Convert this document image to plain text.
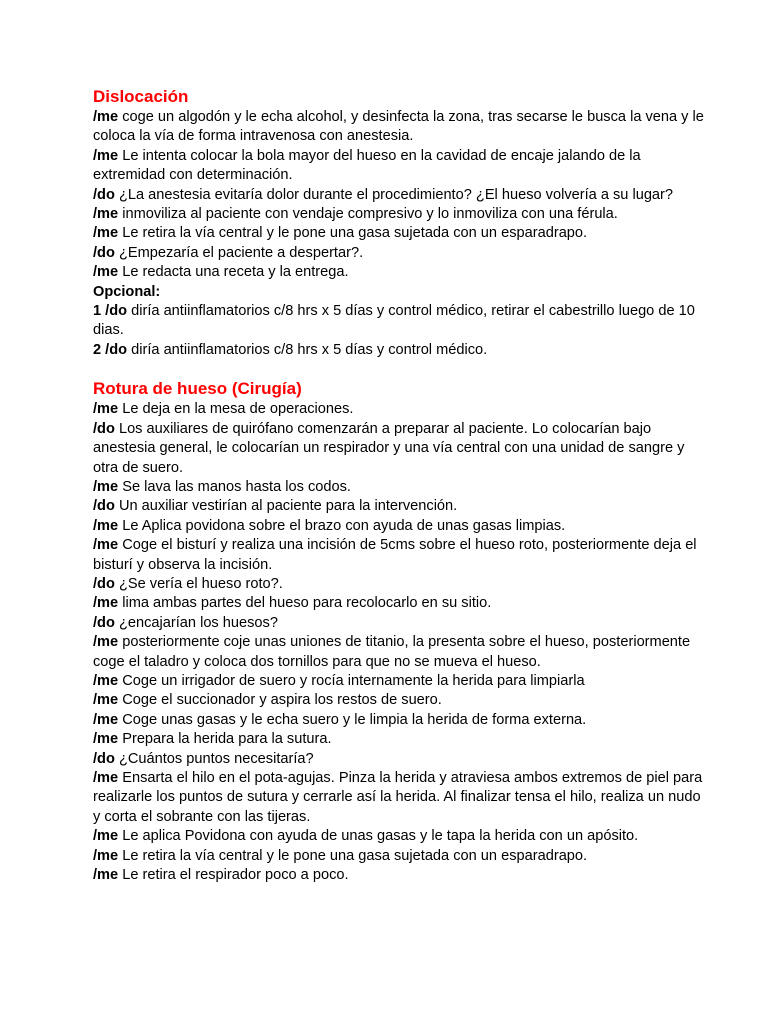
Dislocación

/me coge un algodón y le echa alcohol, y desinfecta la zona, tras secarse le busca la vena y le coloca la vía de forma intravenosa con anestesia.

/me Le intenta colocar la bola mayor del hueso en la cavidad de encaje jalando de la extremidad con determinación.

/do ¿La anestesia evitaría dolor durante el procedimiento? ¿El hueso volvería a su lugar?

/me inmoviliza al paciente con vendaje compresivo y lo inmoviliza con una férula.

/me Le retira la vía central y le pone una gasa sujetada con un esparadrapo.

/do ¿Empezaría el paciente a despertar?.

/me Le redacta una receta y la entrega.

Opcional:

1 /do diría antiinflamatorios c/8 hrs x 5 días y control médico, retirar el cabestrillo luego de 10 dias.

2 /do diría antiinflamatorios c/8 hrs x 5 días y control médico.

Rotura de hueso (Cirugía)

/me Le deja en la mesa de operaciones.

/do Los auxiliares de quirófano comenzarán a preparar al paciente. Lo colocarían bajo anestesia general, le colocarían un respirador y una vía central con una unidad de sangre y otra de suero.

/me Se lava las manos hasta los codos.

/do Un auxiliar vestirían al paciente para la intervención.

/me Le Aplica povidona sobre el brazo con ayuda de unas gasas limpias.

/me Coge el bisturí y realiza una incisión de 5cms sobre el hueso roto, posteriormente deja el bisturí y observa la incisión.

/do ¿Se vería el hueso roto?.

/me lima ambas partes del hueso para recolocarlo en su sitio.

/do ¿encajarían los huesos?

/me posteriormente coje unas uniones de titanio, la presenta sobre el hueso, posteriormente coge el taladro y coloca dos tornillos para que no se mueva el hueso.

/me Coge un irrigador de suero y rocía internamente la herida para limpiarla

/me Coge el succionador y aspira los restos de suero.

/me Coge unas gasas y le echa suero y le limpia la herida de forma externa.

/me Prepara la herida para la sutura.

/do ¿Cuántos puntos necesitaría?

/me Ensarta el hilo en el pota-agujas. Pinza la herida y atraviesa ambos extremos de piel para realizarle los puntos de sutura y cerrarle así la herida. Al finalizar tensa el hilo, realiza un nudo y corta el sobrante con las tijeras.

/me Le aplica Povidona con ayuda de unas gasas y le tapa la herida con un apósito.

/me Le retira la vía central y le pone una gasa sujetada con un esparadrapo.

/me Le retira el respirador poco a poco.
